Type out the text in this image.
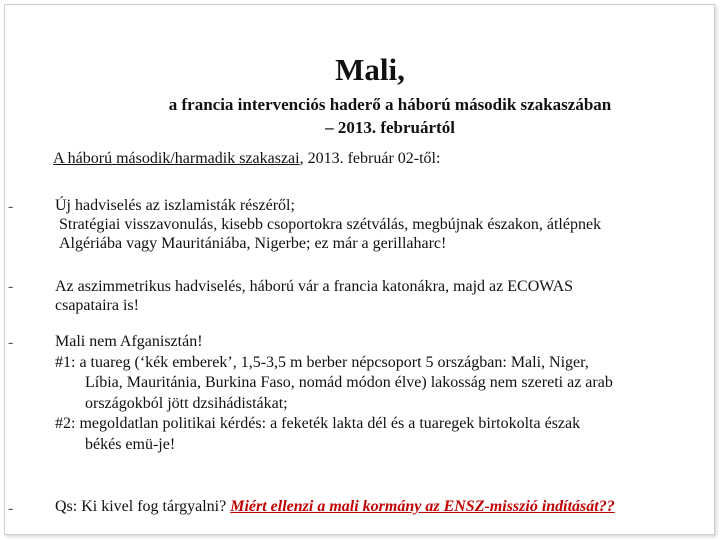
Mali,
a francia intervenciós haderő a háború második szakaszában
– 2013. februártól
A háború második/harmadik szakaszai, 2013. február 02-től:
-	Új hadviselés az iszlamisták részéről;
Stratégiai visszavonulás, kisebb csoportokra szétválás, megbújnak északon, átlépnek
Algériába vagy Mauritániába, Nigerbe; ez már a gerillaharc!
-	Az aszimmetrikus hadviselés, háború vár a francia katonákra, majd az ECOWAS
csapataira is!
-	Mali nem Afganisztán!
#1: a tuareg (‘kék emberek’, 1,5-3,5 m berber népcsoport 5 országban: Mali, Niger,
Líbia, Mauritánia, Burkina Faso, nomád módon élve) lakosság nem szereti az arab
országokból jött dzsihádistákat;
#2: megoldatlan politikai kérdés: a feketék lakta dél és a tuaregek birtokolta észak
békés emü-je!
-	Qs: Ki kivel fog tárgyalni? Miért ellenzi a mali kormány az ENSZ-misszió indítását??
